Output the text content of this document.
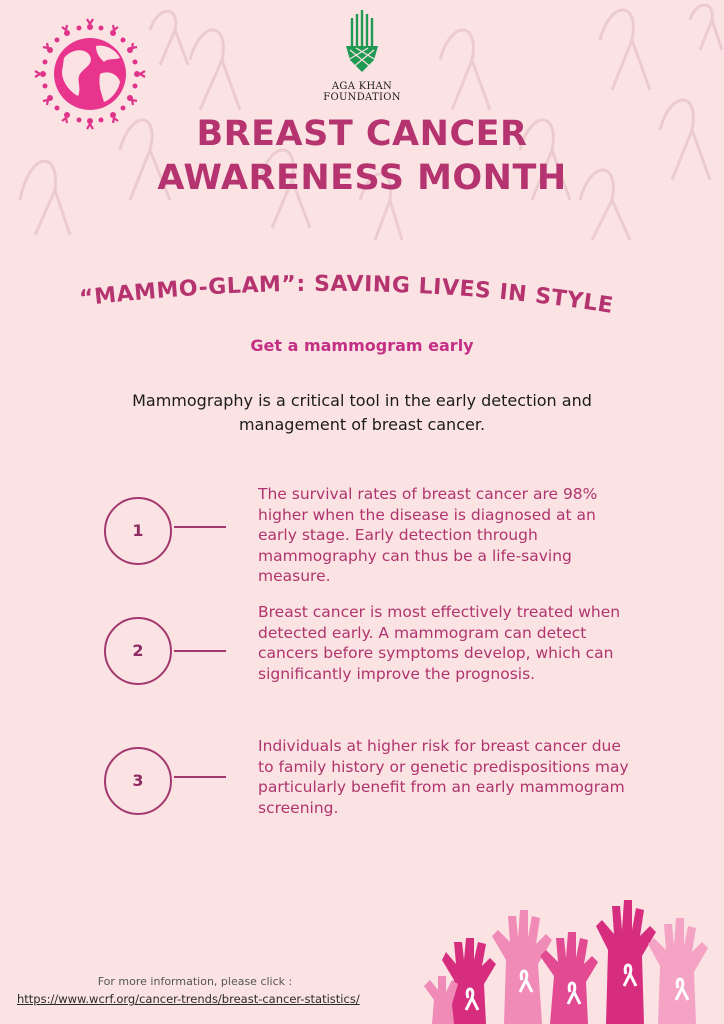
AGA KHAN FOUNDATION
BREAST CANCER
AWARENESS MONTH
“MAMMO-GLAM”: SAVING LIVES IN STYLE
Get a mammogram early
Mammography is a critical tool in the early detection and management of breast cancer.
1
The survival rates of breast cancer are 98% higher when the disease is diagnosed at an early stage. Early detection through mammography can thus be a life-saving measure.
2
Breast cancer is most effectively treated when detected early. A mammogram can detect cancers before symptoms develop, which can significantly improve the prognosis.
3
Individuals at higher risk for breast cancer due to family history or genetic predispositions may particularly benefit from an early mammogram screening.
For more information, please click :
https://www.wcrf.org/cancer-trends/breast-cancer-statistics/
